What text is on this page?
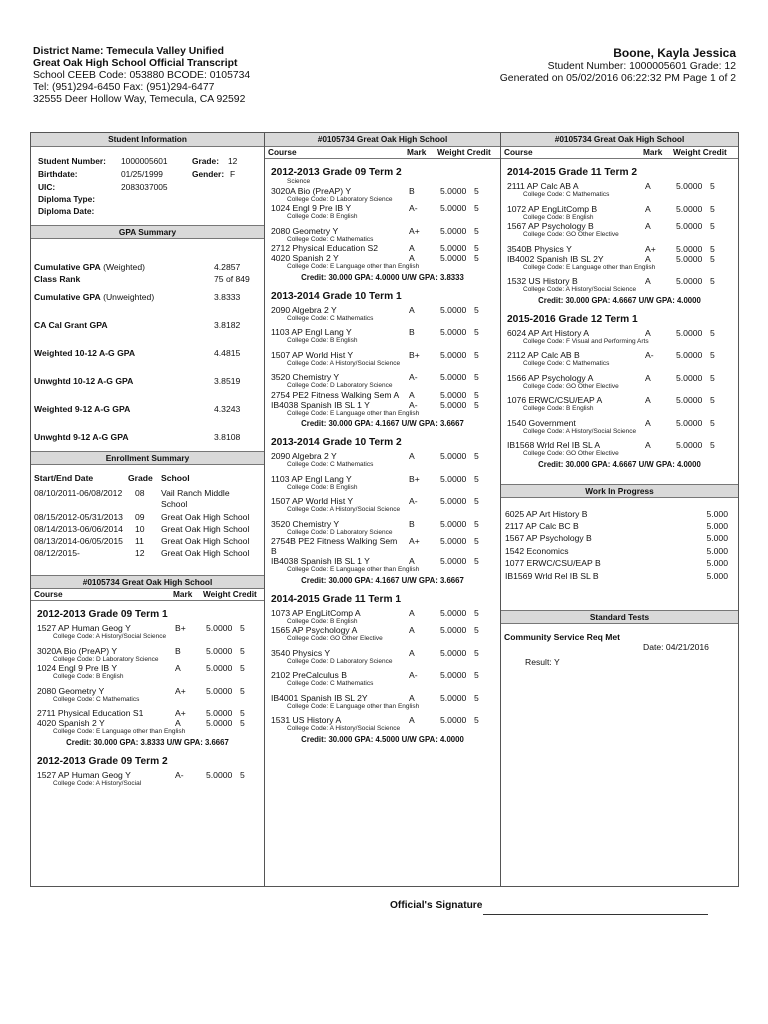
District Name: Temecula Valley Unified
Great Oak High School Official Transcript
School CEEB Code: 053880 BCODE: 0105734
Tel: (951)294-6450 Fax: (951)294-6477
32555 Deer Hollow Way, Temecula, CA 92592
Boone, Kayla Jessica
Student Number: 1000005601 Grade: 12
Generated on 05/02/2016 06:22:32 PM Page 1 of 2
Student Information
Student Number: 1000005601	Grade: 12
Birthdate:	01/25/1999	Gender: F
UIC:	2083037005
Diploma Type:
Diploma Date:
GPA Summary
Cumulative GPA (Weighted)	4.2857
Class Rank	75 of 849
Cumulative GPA (Unweighted)	3.8333
CA Cal Grant GPA	3.8182
Weighted 10-12 A-G GPA	4.4815
Unwghtd 10-12 A-G GPA	3.8519
Weighted 9-12 A-G GPA	4.3243
Unwghtd 9-12 A-G GPA	3.8108
Enrollment Summary
Start/End Date	Grade School
08/10/2011-06/08/2012 08 Vail Ranch Middle
School
08/15/2012-05/31/2013 09 Great Oak High School
08/14/2013-06/06/2014 10 Great Oak High School
08/13/2014-06/05/2015 11 Great Oak High School
08/12/2015-	12 Great Oak High School
#0105734 Great Oak High School
Course	Mark Weight Credit
2012-2013 Grade 09 Term 1
1527 AP Human Geog Y	B+ 5.0000 5
College Code: A History/Social Science
3020A Bio (PreAP) Y	B	5.0000 5
College Code: D Laboratory Science
1024 Engl 9 Pre IB Y	A	5.0000 5
College Code: B English
2080 Geometry Y	A+ 5.0000 5
College Code: C Mathematics
2711 Physical Education S1	A+ 5.0000 5
4020 Spanish 2 Y	A	5.0000 5
College Code: E Language other than English
Credit: 30.000 GPA: 3.8333 U/W GPA: 3.6667
2012-2013 Grade 09 Term 2
1527 AP Human Geog Y	A-	5.0000 5
College Code: A History/Social
#0105734 Great Oak High School
Course	Mark Weight Credit
2012-2013 Grade 09 Term 2
Science
3020A Bio (PreAP) Y	B	5.0000 5
College Code: D Laboratory Science
1024 Engl 9 Pre IB Y	A-	5.0000 5
College Code: B English
2080 Geometry Y	A+ 5.0000 5
College Code: C Mathematics
2712 Physical Education S2	A	5.0000 5
4020 Spanish 2 Y	A	5.0000 5
College Code: E Language other than English
Credit: 30.000 GPA: 4.0000 U/W GPA: 3.8333
2013-2014 Grade 10 Term 1
2090 Algebra 2 Y	A	5.0000 5
College Code: C Mathematics
1103 AP Engl Lang Y	B	5.0000 5
College Code: B English
1507 AP World Hist Y	B+ 5.0000 5
College Code: A History/Social Science
3520 Chemistry Y	A-	5.0000 5
College Code: D Laboratory Science
2754 PE2 Fitness Walking Sem A	A	5.0000 5
IB4038 Spanish IB SL 1 Y	A-	5.0000 5
College Code: E Language other than English
Credit: 30.000 GPA: 4.1667 U/W GPA: 3.6667
2013-2014 Grade 10 Term 2
2090 Algebra 2 Y	A	5.0000 5
College Code: C Mathematics
1103 AP Engl Lang Y	B+ 5.0000 5
College Code: B English
1507 AP World Hist Y	A-	5.0000 5
College Code: A History/Social Science
3520 Chemistry Y	B	5.0000 5
College Code: D Laboratory Science
2754B PE2 Fitness Walking Sem B
A+ 5.0000 5
IB4038 Spanish IB SL 1 Y	A	5.0000 5
College Code: E Language other than English
Credit: 30.000 GPA: 4.1667 U/W GPA: 3.6667
2014-2015 Grade 11 Term 1
1073 AP EngLitComp A	A	5.0000 5
College Code: B English
1565 AP Psychology A	A	5.0000 5
College Code: GO Other Elective
3540 Physics Y	A	5.0000 5
College Code: D Laboratory Science
2102 PreCalculus B	A-	5.0000 5
College Code: C Mathematics
IB4001 Spanish IB SL 2Y	A	5.0000 5
College Code: E Language other than English
1531 US History A	A	5.0000 5
College Code: A History/Social Science
Credit: 30.000 GPA: 4.5000 U/W GPA: 4.0000
#0105734 Great Oak High School
Course	Mark Weight Credit
2014-2015 Grade 11 Term 2
2111 AP Calc AB A	A	5.0000 5
College Code: C Mathematics
1072 AP EngLitComp B	A	5.0000 5
College Code: B English
1567 AP Psychology B	A	5.0000 5
College Code: GO Other Elective
3540B Physics Y	A+ 5.0000 5
IB4002 Spanish IB SL 2Y	A	5.0000 5
College Code: E Language other than English
1532 US History B	A	5.0000 5
College Code: A History/Social Science
Credit: 30.000 GPA: 4.6667 U/W GPA: 4.0000
2015-2016 Grade 12 Term 1
6024 AP Art History A	A	5.0000 5
College Code: F Visual and Performing Arts
2112 AP Calc AB B	A-	5.0000 5
College Code: C Mathematics
1566 AP Psychology A	A	5.0000 5
College Code: GO Other Elective
1076 ERWC/CSU/EAP A	A	5.0000 5
College Code: B English
1540 Government	A	5.0000 5
College Code: A History/Social Science
IB1568 Wrld Rel IB SL A	A	5.0000 5
College Code: GO Other Elective
Credit: 30.000 GPA: 4.6667 U/W GPA: 4.0000
Work In Progress
6025 AP Art History B	5.000
2117 AP Calc BC B	5.000
1567 AP Psychology B	5.000
1542 Economics	5.000
1077 ERWC/CSU/EAP B	5.000
IB1569 Wrld Rel IB SL B	5.000
Standard Tests
Community Service Req Met
Date: 04/21/2016
Result: Y
Official's Signature
